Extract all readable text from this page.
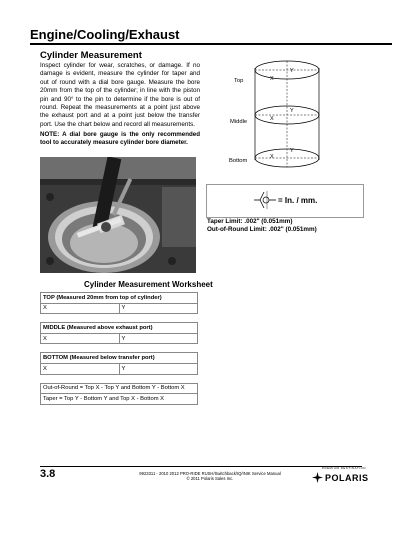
Engine/Cooling/Exhaust
Cylinder Measurement
Inspect cylinder for wear, scratches, or damage. If no damage is evident, measure the cylinder for taper and out of round with a dial bore gauge. Measure the bore 20mm from the top of the cylinder; in line with the piston pin and 90° to the pin to determine if the bore is out of round. Repeat the measurements at a point just above the exhaust port and at a point just below the transfer port. Use the chart below and record all measurements.
NOTE: A dial bore gauge is the only recommended tool to accurately measure cylinder bore diameter.
Top
Middle
Bottom
X
Y
X
Y
X
Y
= In. / mm.
Taper Limit: .002" (0.051mm)
Out-of-Round Limit: .002" (0.051mm)
Cylinder Measurement Worksheet
TOP (Measured 20mm from top of cylinder)	
X	Y

MIDDLE (Measured above exhaust port)	
X	Y

BOTTOM (Measured below transfer port)	
X	Y

Out-of-Round = Top X - Top Y and Bottom Y - Bottom X	
Taper = Top Y - Bottom Y and Top X - Bottom X	
3.8	9923311 - 2010 2012 PRO-RIDE RUSH/Switchback/IQ/INIK Service Manual
© 2011 Polaris Sales Inc.
PREMIUM DESTINATION
POLARIS
